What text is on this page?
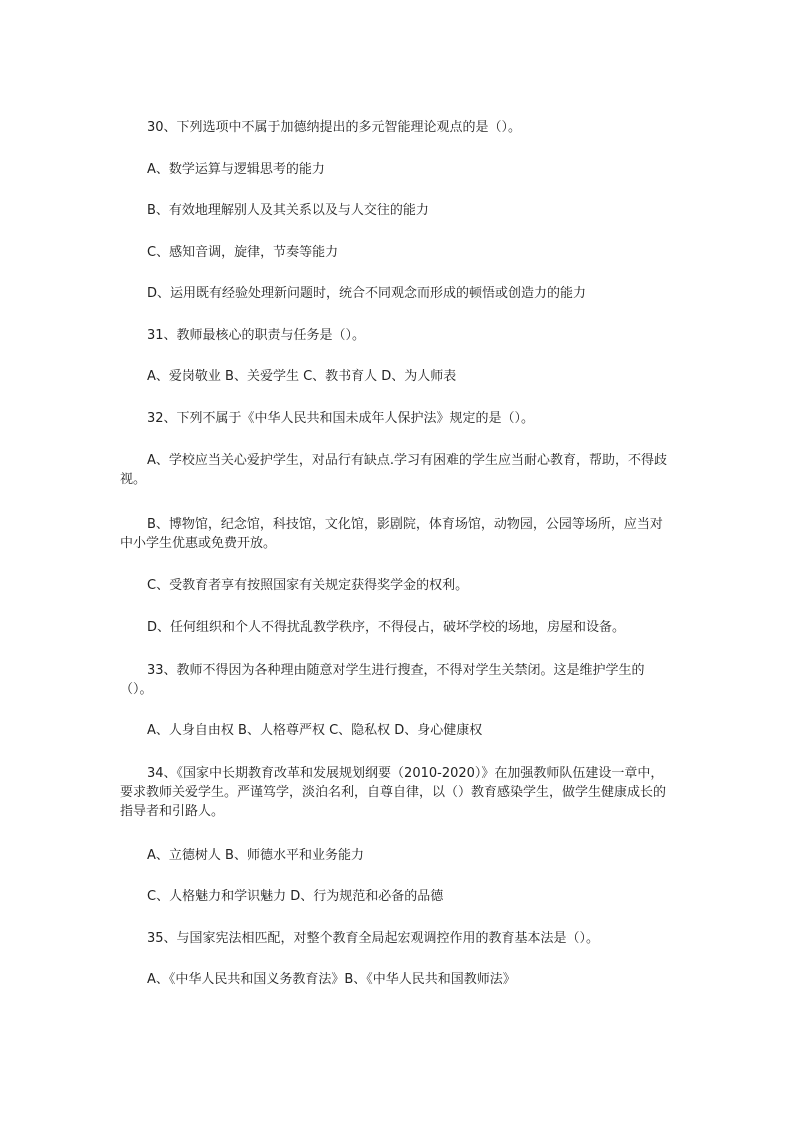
30、下列选项中不属于加德纳提出的多元智能理论观点的是（）。

A、数学运算与逻辑思考的能力

B、有效地理解别人及其关系以及与人交往的能力

C、感知音调，旋律，节奏等能力

D、运用既有经验处理新问题时，统合不同观念而形成的顿悟或创造力的能力

31、教师最核心的职责与任务是（）。

A、爱岗敬业 B、关爱学生 C、教书育人 D、为人师表

32、下列不属于《中华人民共和国未成年人保护法》规定的是（）。

A、学校应当关心爱护学生，对品行有缺点.学习有困难的学生应当耐心教育，帮助，不得歧视。

B、博物馆，纪念馆，科技馆，文化馆，影剧院，体育场馆，动物园，公园等场所，应当对中小学生优惠或免费开放。

C、受教育者享有按照国家有关规定获得奖学金的权利。

D、任何组织和个人不得扰乱教学秩序，不得侵占，破坏学校的场地，房屋和设备。

33、教师不得因为各种理由随意对学生进行搜查，不得对学生关禁闭。这是维护学生的（）。

A、人身自由权 B、人格尊严权 C、隐私权 D、身心健康权

34、《国家中长期教育改革和发展规划纲要（2010-2020）》在加强教师队伍建设一章中，要求教师关爱学生。严谨笃学，淡泊名利，自尊自律，以（）教育感染学生，做学生健康成长的指导者和引路人。

A、立德树人 B、师德水平和业务能力

C、人格魅力和学识魅力 D、行为规范和必备的品德

35、与国家宪法相匹配，对整个教育全局起宏观调控作用的教育基本法是（）。

A、《中华人民共和国义务教育法》B、《中华人民共和国教师法》
